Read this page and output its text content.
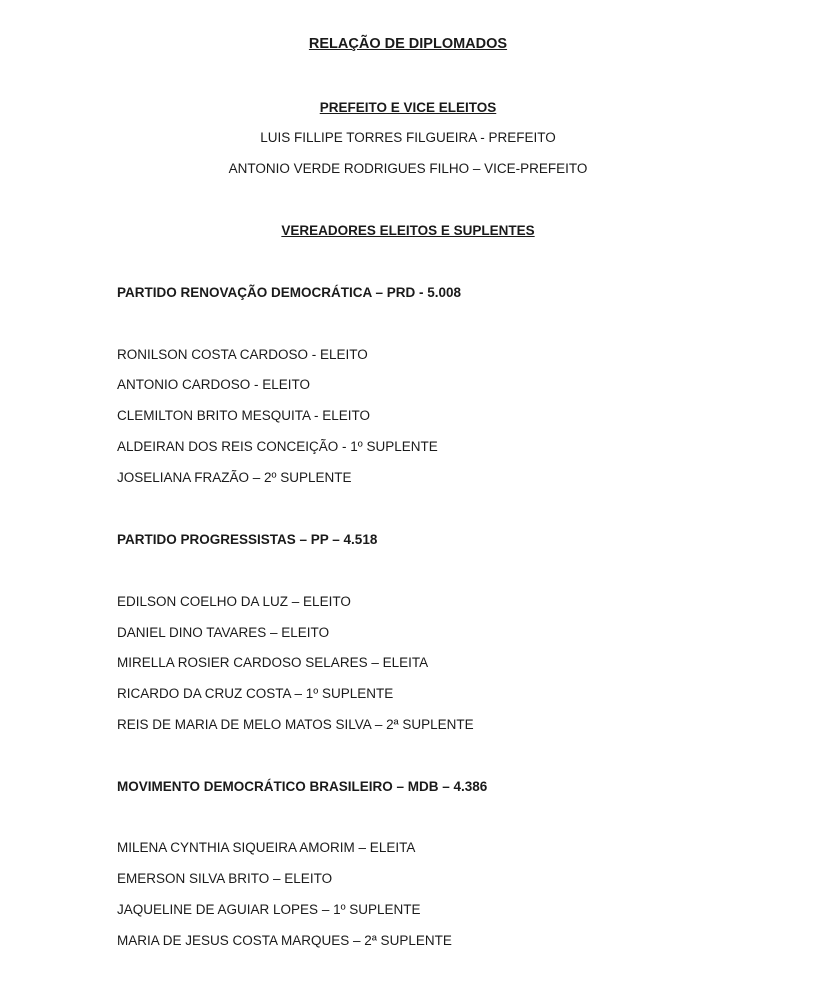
RELAÇÃO DE DIPLOMADOS
PREFEITO E VICE ELEITOS
LUIS FILLIPE TORRES FILGUEIRA - PREFEITO
ANTONIO VERDE RODRIGUES FILHO – VICE-PREFEITO
VEREADORES ELEITOS E SUPLENTES
PARTIDO RENOVAÇÃO DEMOCRÁTICA – PRD - 5.008
RONILSON COSTA CARDOSO - ELEITO
ANTONIO CARDOSO - ELEITO
CLEMILTON BRITO MESQUITA - ELEITO
ALDEIRAN DOS REIS CONCEIÇÃO - 1º SUPLENTE
JOSELIANA FRAZÃO – 2º SUPLENTE
PARTIDO PROGRESSISTAS – PP – 4.518
EDILSON COELHO DA LUZ – ELEITO
DANIEL DINO TAVARES – ELEITO
MIRELLA ROSIER CARDOSO SELARES – ELEITA
RICARDO DA CRUZ COSTA – 1º SUPLENTE
REIS DE MARIA DE MELO MATOS SILVA – 2ª SUPLENTE
MOVIMENTO DEMOCRÁTICO BRASILEIRO – MDB – 4.386
MILENA CYNTHIA SIQUEIRA AMORIM – ELEITA
EMERSON SILVA BRITO – ELEITO
JAQUELINE DE AGUIAR LOPES – 1º SUPLENTE
MARIA DE JESUS COSTA MARQUES – 2ª SUPLENTE
